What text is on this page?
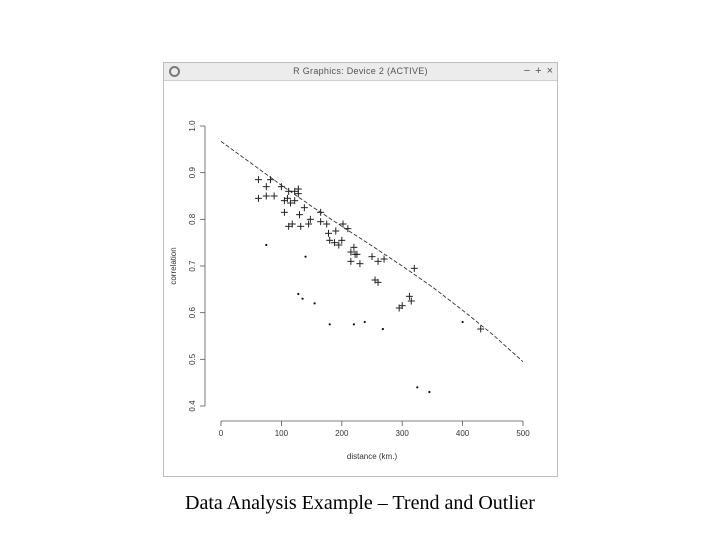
R Graphics: Device 2 (ACTIVE)	− + ×
0.4
0.5
0.6
0.7
0.8
0.9
1.0
0	100	200	300	400	500
distance (km.)
correlation
Data Analysis Example – Trend and Outlier
